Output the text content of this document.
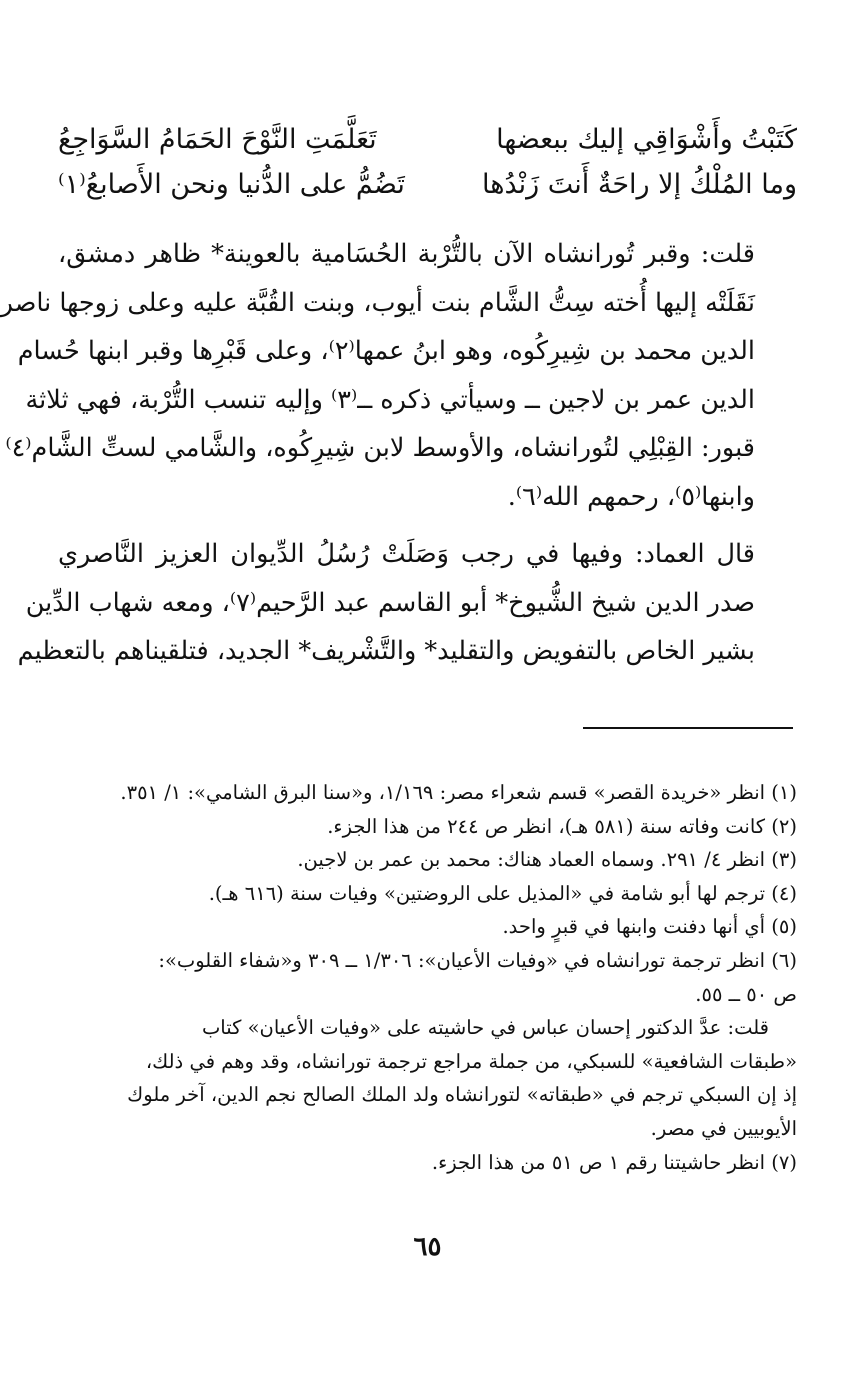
كَتَبْتُ وأَشْوَاقِي إليك ببعضها
تَعَلَّمَتِ النَّوْحَ الحَمَامُ السَّوَاجِعُ
وما المُلْكُ إلا راحَةٌ أَنتَ زَنْدُها
تَضُمُّ على الدُّنيا ونحن الأَصابعُ⁽١⁾
قلت: وقبر تُورانشاه الآن بالتُّرْبة الحُسَامية بالعوينة* ظاهر دمشق،
نَقَلَتْه إليها أُخته سِتُّ الشَّام بنت أيوب، وبنت القُبَّة عليه وعلى زوجها ناصر
الدين محمد بن شِيرِكُوه، وهو ابنُ عمها⁽٢⁾، وعلى قَبْرِها وقبر ابنها حُسام
الدين عمر بن لاجين ــ وسيأتي ذكره ــ⁽٣⁾ وإليه تنسب التُّرْبة، فهي ثلاثة
قبور: القِبْلِي لتُورانشاه، والأوسط لابن شِيرِكُوه، والشَّامي لستِّ الشَّام⁽٤⁾
وابنها⁽٥⁾، رحمهم الله⁽٦⁾.
قال العماد: وفيها في رجب وَصَلَتْ رُسُلُ الدِّيوان العزيز النَّاصري
صدر الدين شيخ الشُّيوخ* أبو القاسم عبد الرَّحيم⁽٧⁾، ومعه شهاب الدِّين
بشير الخاص بالتفويض والتقليد* والتَّشْريف* الجديد، فتلقيناهم بالتعظيم
(١) انظر «خريدة القصر» قسم شعراء مصر: ١/١٦٩، و«سنا البرق الشامي»: ١/ ٣٥١.
(٢) كانت وفاته سنة (٥٨١ هـ)، انظر ص ٢٤٤ من هذا الجزء.
(٣) انظر ٤/ ٢٩١. وسماه العماد هناك: محمد بن عمر بن لاجين.
(٤) ترجم لها أبو شامة في «المذيل على الروضتين» وفيات سنة (٦١٦ هـ).
(٥) أي أنها دفنت وابنها في قبرٍ واحد.
(٦) انظر ترجمة تورانشاه في «وفيات الأعيان»: ١/٣٠٦ ــ ٣٠٩ و«شفاء القلوب»:
ص ٥٠ ــ ٥٥.
قلت: عدَّ الدكتور إحسان عباس في حاشيته على «وفيات الأعيان» كتاب
«طبقات الشافعية» للسبكي، من جملة مراجع ترجمة تورانشاه، وقد وهم في ذلك،
إذ إن السبكي ترجم في «طبقاته» لتورانشاه ولد الملك الصالح نجم الدين، آخر ملوك
الأيوبيين في مصر.
(٧) انظر حاشيتنا رقم ١ ص ٥١ من هذا الجزء.
٦٥
